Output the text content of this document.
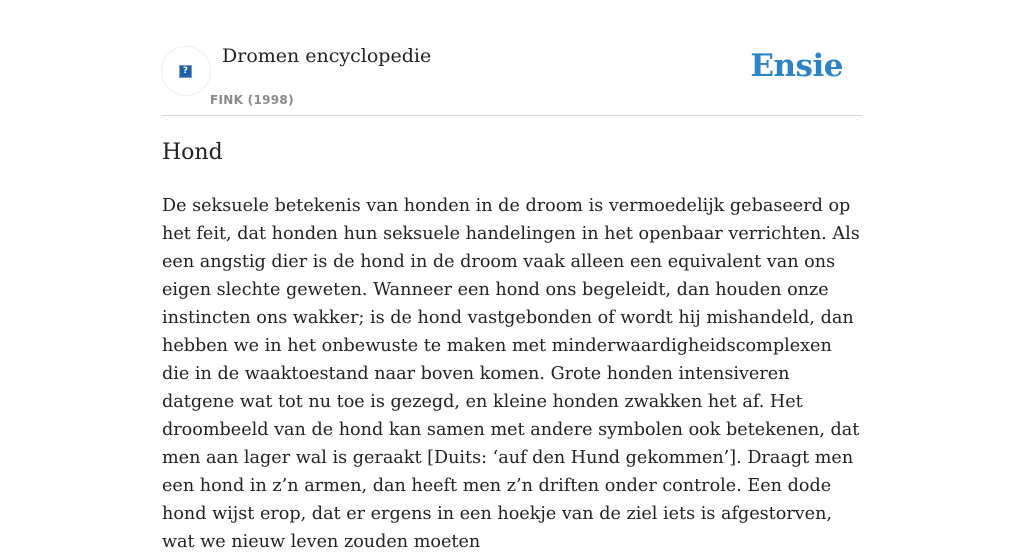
?
Dromen encyclopedie
FINK (1998)
Ensie
Hond

De seksuele betekenis van honden in de droom is vermoedelijk gebaseerd op het feit, dat honden hun seksuele handelingen in het openbaar verrichten. Als een angstig dier is de hond in de droom vaak alleen een equivalent van ons eigen slechte geweten. Wanneer een hond ons begeleidt, dan houden onze instincten ons wakker; is de hond vastgebonden of wordt hij mishandeld, dan hebben we in het onbewuste te maken met minderwaardigheidscomplexen die in de waaktoestand naar boven komen. Grote honden intensiveren datgene wat tot nu toe is gezegd, en kleine honden zwakken het af. Het droombeeld van de hond kan samen met andere symbolen ook betekenen, dat men aan lager wal is geraakt [Duits: ‘auf den Hund gekommen’]. Draagt men een hond in z’n armen, dan heeft men z’n driften onder controle. Een dode hond wijst erop, dat er ergens in een hoekje van de ziel iets is afgestorven, wat we nieuw leven zouden moeten
